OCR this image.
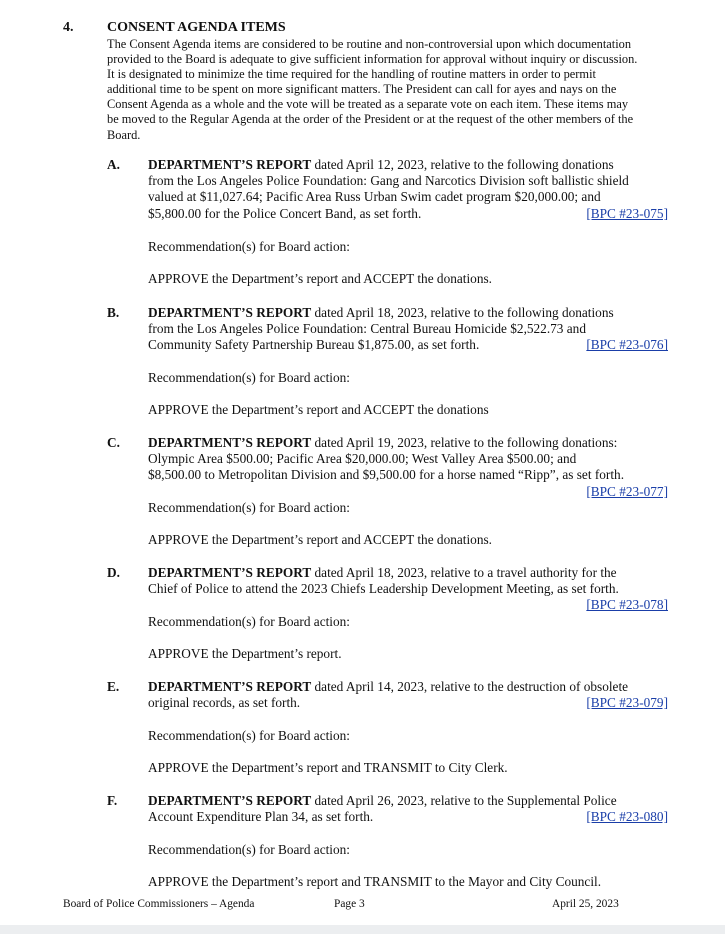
4. CONSENT AGENDA ITEMS
The Consent Agenda items are considered to be routine and non-controversial upon which documentation
provided to the Board is adequate to give sufficient information for approval without inquiry or discussion.
It is designated to minimize the time required for the handling of routine matters in order to permit
additional time to be spent on more significant matters. The President can call for ayes and nays on the
Consent Agenda as a whole and the vote will be treated as a separate vote on each item. These items may
be moved to the Regular Agenda at the order of the President or at the request of the other members of the
Board.
A. DEPARTMENT’S REPORT dated April 12, 2023, relative to the following donations
from the Los Angeles Police Foundation: Gang and Narcotics Division soft ballistic shield
valued at $11,027.64; Pacific Area Russ Urban Swim cadet program $20,000.00; and
$5,800.00 for the Police Concert Band, as set forth.	[BPC #23-075]
Recommendation(s) for Board action:
APPROVE the Department’s report and ACCEPT the donations.
B. DEPARTMENT’S REPORT dated April 18, 2023, relative to the following donations
from the Los Angeles Police Foundation: Central Bureau Homicide $2,522.73 and
Community Safety Partnership Bureau $1,875.00, as set forth.	[BPC #23-076]
Recommendation(s) for Board action:
APPROVE the Department’s report and ACCEPT the donations
C. DEPARTMENT’S REPORT dated April 19, 2023, relative to the following donations:
Olympic Area $500.00; Pacific Area $20,000.00; West Valley Area $500.00; and
$8,500.00 to Metropolitan Division and $9,500.00 for a horse named “Ripp”, as set forth.
[BPC #23-077]
Recommendation(s) for Board action:
APPROVE the Department’s report and ACCEPT the donations.
D. DEPARTMENT’S REPORT dated April 18, 2023, relative to a travel authority for the
Chief of Police to attend the 2023 Chiefs Leadership Development Meeting, as set forth.
[BPC #23-078]
Recommendation(s) for Board action:
APPROVE the Department’s report.
E. DEPARTMENT’S REPORT dated April 14, 2023, relative to the destruction of obsolete
original records, as set forth.	[BPC #23-079]
Recommendation(s) for Board action:
APPROVE the Department’s report and TRANSMIT to City Clerk.
F. DEPARTMENT’S REPORT dated April 26, 2023, relative to the Supplemental Police
Account Expenditure Plan 34, as set forth.	[BPC #23-080]
Recommendation(s) for Board action:
APPROVE the Department’s report and TRANSMIT to the Mayor and City Council.
Board of Police Commissioners – Agenda	Page 3	April 25, 2023
